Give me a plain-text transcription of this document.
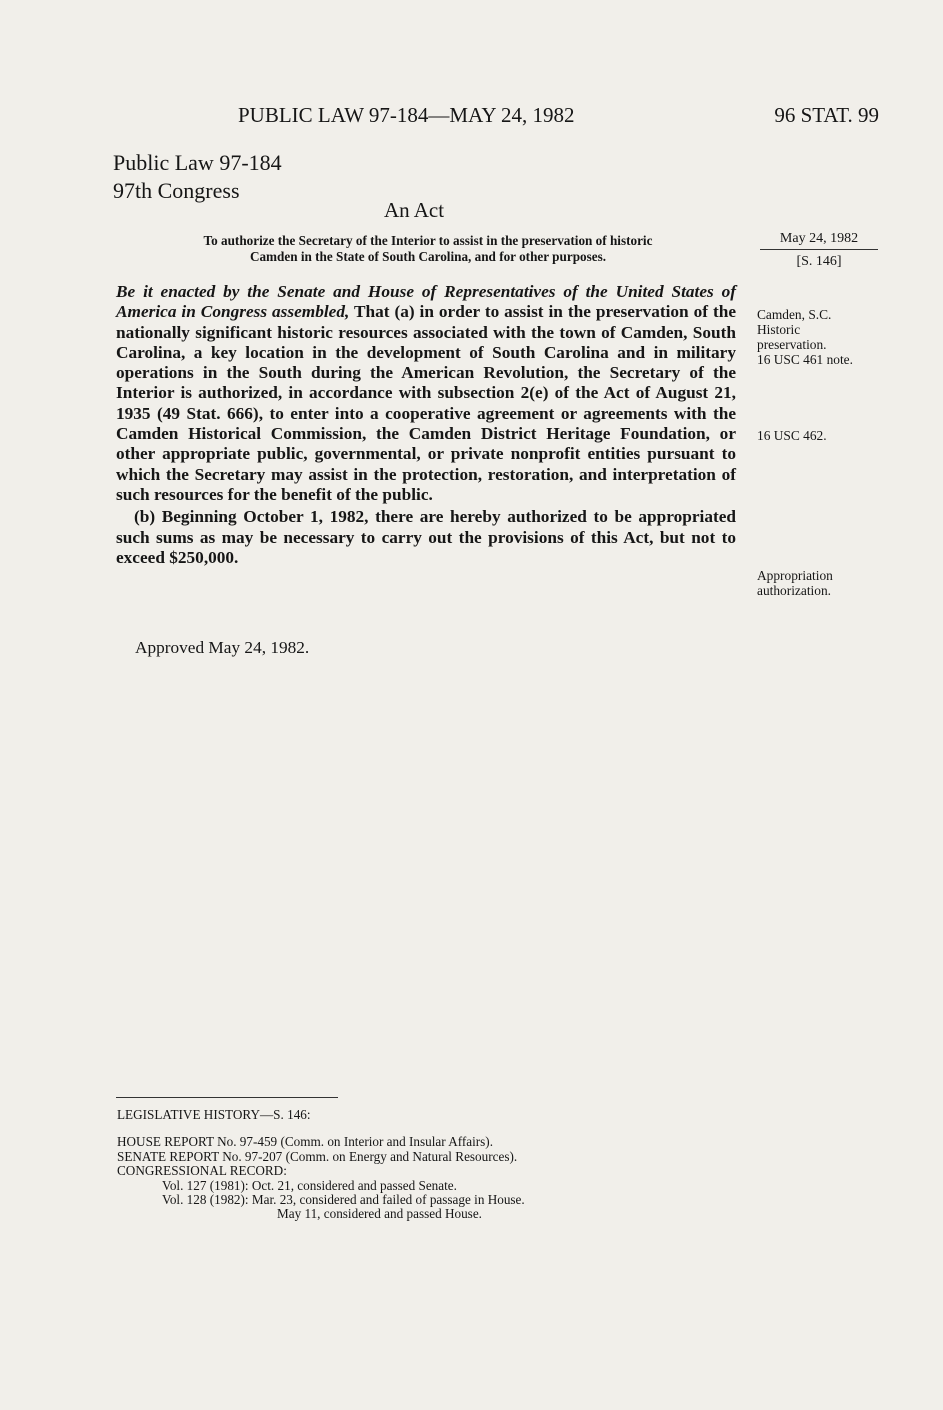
PUBLIC LAW 97-184—MAY 24, 1982	96 STAT. 99
Public Law 97-184
97th Congress
An Act
To authorize the Secretary of the Interior to assist in the preservation of historic
Camden in the State of South Carolina, and for other purposes.
May 24, 1982
[S. 146]

Be it enacted by the Senate and House of Representatives of the United States of America in Congress assembled, That (a) in order to assist in the preservation of the nationally significant historic resources associated with the town of Camden, South Carolina, a key location in the development of South Carolina and in military operations in the South during the American Revolution, the Secretary of the Interior is authorized, in accordance with subsection 2(e) of the Act of August 21, 1935 (49 Stat. 666), to enter into a cooperative agreement or agreements with the Camden Historical Commission, the Camden District Heritage Foundation, or other appropriate public, governmental, or private nonprofit entities pursuant to which the Secretary may assist in the protection, restoration, and interpretation of such resources for the benefit of the public.

(b) Beginning October 1, 1982, there are hereby authorized to be appropriated such sums as may be necessary to carry out the provisions of this Act, but not to exceed $250,000.

Approved May 24, 1982.
Camden, S.C.
Historic
preservation.
16 USC 461 note.
16 USC 462.
Appropriation
authorization.
LEGISLATIVE HISTORY—S. 146:
HOUSE REPORT No. 97-459 (Comm. on Interior and Insular Affairs).
SENATE REPORT No. 97-207 (Comm. on Energy and Natural Resources).
CONGRESSIONAL RECORD:
Vol. 127 (1981): Oct. 21, considered and passed Senate.
Vol. 128 (1982): Mar. 23, considered and failed of passage in House.
May 11, considered and passed House.
